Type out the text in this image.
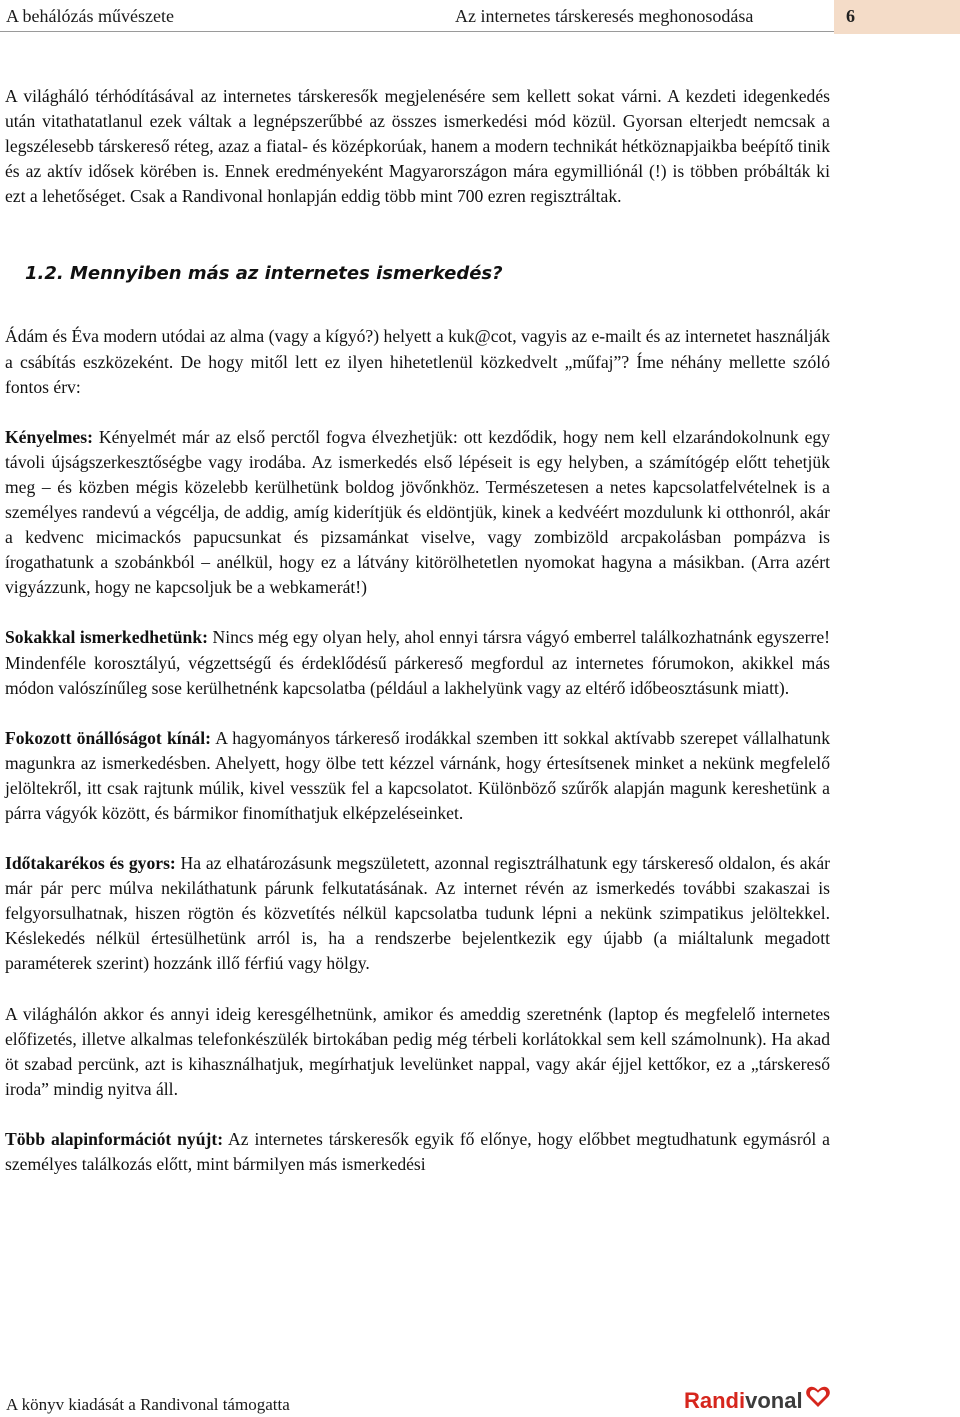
A behálózás művészete	Az internetes társkeresés meghonosodása	6

A világháló térhódításával az internetes társkeresők megjelenésére sem kellett sokat várni. A kezdeti idegenkedés után vitathatatlanul ezek váltak a legnépszerűbbé az összes ismerkedési mód közül. Gyorsan elterjedt nemcsak a legszélesebb társkereső réteg, azaz a fiatal- és középkorúak, hanem a modern technikát hétköznapjaikba beépítő tinik és az aktív idősek körében is. Ennek eredményeként Magyarországon mára egymilliónál (!) is többen próbálták ki ezt a lehetőséget. Csak a Randivonal honlapján eddig több mint 700 ezren regisztráltak.

1.2. Mennyiben más az internetes ismerkedés?

Ádám és Éva modern utódai az alma (vagy a kígyó?) helyett a kuk@cot, vagyis az e-mailt és az internetet használják a csábítás eszközeként. De hogy mitől lett ez ilyen hihetetlenül közkedvelt „műfaj”? Íme néhány mellette szóló fontos érv:

Kényelmes: Kényelmét már az első perctől fogva élvezhetjük: ott kezdődik, hogy nem kell elzarándokolnunk egy távoli újságszerkesztőségbe vagy irodába. Az ismerkedés első lépéseit is egy helyben, a számítógép előtt tehetjük meg – és közben mégis közelebb kerülhetünk boldog jövőnkhöz. Természetesen a netes kapcsolatfelvételnek is a személyes randevú a végcélja, de addig, amíg kiderítjük és eldöntjük, kinek a kedvéért mozdulunk ki otthonról, akár a kedvenc micimackós papucsunkat és pizsamánkat viselve, vagy zombizöld arcpakolásban pompázva is írogathatunk a szobánkból – anélkül, hogy ez a látvány kitörölhetetlen nyomokat hagyna a másikban. (Arra azért vigyázzunk, hogy ne kapcsoljuk be a webkamerát!)

Sokakkal ismerkedhetünk: Nincs még egy olyan hely, ahol ennyi társra vágyó emberrel találkozhatnánk egyszerre! Mindenféle korosztályú, végzettségű és érdeklődésű párkereső megfordul az internetes fórumokon, akikkel más módon valószínűleg sose kerülhetnénk kapcsolatba (például a lakhelyünk vagy az eltérő időbeosztásunk miatt).

Fokozott önállóságot kínál: A hagyományos tárkereső irodákkal szemben itt sokkal aktívabb szerepet vállalhatunk magunkra az ismerkedésben. Ahelyett, hogy ölbe tett kézzel várnánk, hogy értesítsenek minket a nekünk megfelelő jelöltekről, itt csak rajtunk múlik, kivel vesszük fel a kapcsolatot. Különböző szűrők alapján magunk kereshetünk a párra vágyók között, és bármikor finomíthatjuk elképzeléseinket.

Időtakarékos és gyors: Ha az elhatározásunk megszületett, azonnal regisztrálhatunk egy társkereső oldalon, és akár már pár perc múlva nekiláthatunk párunk felkutatásának. Az internet révén az ismerkedés további szakaszai is felgyorsulhatnak, hiszen rögtön és közvetítés nélkül kapcsolatba tudunk lépni a nekünk szimpatikus jelöltekkel. Késlekedés nélkül értesülhetünk arról is, ha a rendszerbe bejelentkezik egy újabb (a miáltalunk megadott paraméterek szerint) hozzánk illő férfiú vagy hölgy.

A világhálón akkor és annyi ideig keresgélhetnünk, amikor és ameddig szeretnénk (laptop és megfelelő internetes előfizetés, illetve alkalmas telefonkészülék birtokában pedig még térbeli korlátokkal sem kell számolnunk). Ha akad öt szabad percünk, azt is kihasználhatjuk, megírhatjuk levelünket nappal, vagy akár éjjel kettőkor, ez a „társkereső iroda” mindig nyitva áll.

Több alapinformációt nyújt: Az internetes társkeresők egyik fő előnye, hogy előbbet megtudhatunk egymásról a személyes találkozás előtt, mint bármilyen más ismerkedési

A könyv kiadását a Randivonal támogatta	Randivonal
